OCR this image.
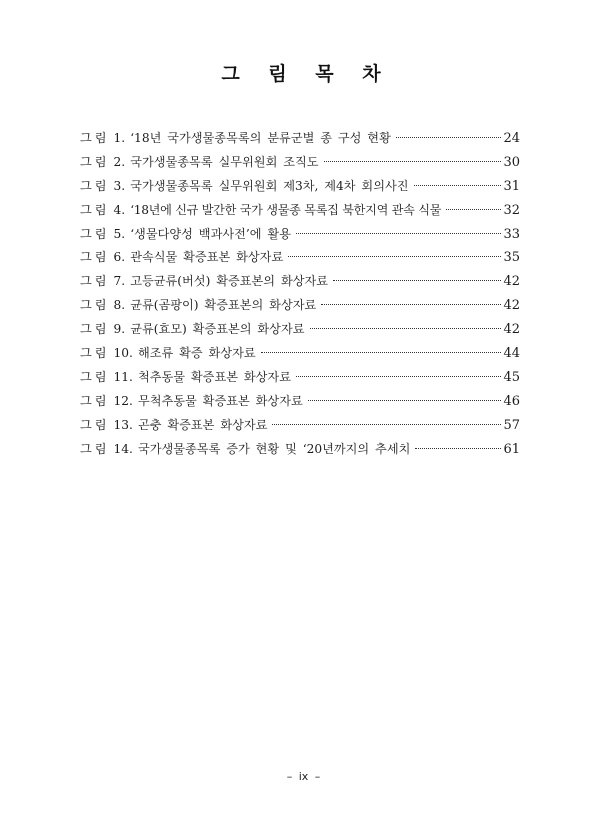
그 림 목 차
그림 1. ‘18년 국가생물종목록의 분류군별 종 구성 현황	24
그림 2. 국가생물종목록 실무위원회 조직도	30
그림 3. 국가생물종목록 실무위원회 제3차, 제4차 회의사진	31
그림 4. ‘18년에 신규 발간한 국가 생물종 목록집 북한지역 관속 식물	32
그림 5. ‘생물다양성 백과사전’에 활용	33
그림 6. 관속식물 확증표본 화상자료	35
그림 7. 고등균류(버섯) 확증표본의 화상자료	42
그림 8. 균류(곰팡이) 확증표본의 화상자료	42
그림 9. 균류(효모) 확증표본의 화상자료	42
그림 10. 해조류 확증 화상자료	44
그림 11. 척추동물 확증표본 화상자료	45
그림 12. 무척추동물 확증표본 화상자료	46
그림 13. 곤충 확증표본 화상자료	57
그림 14. 국가생물종목록 증가 현황 및 ‘20년까지의 추세치	61
– ix –
